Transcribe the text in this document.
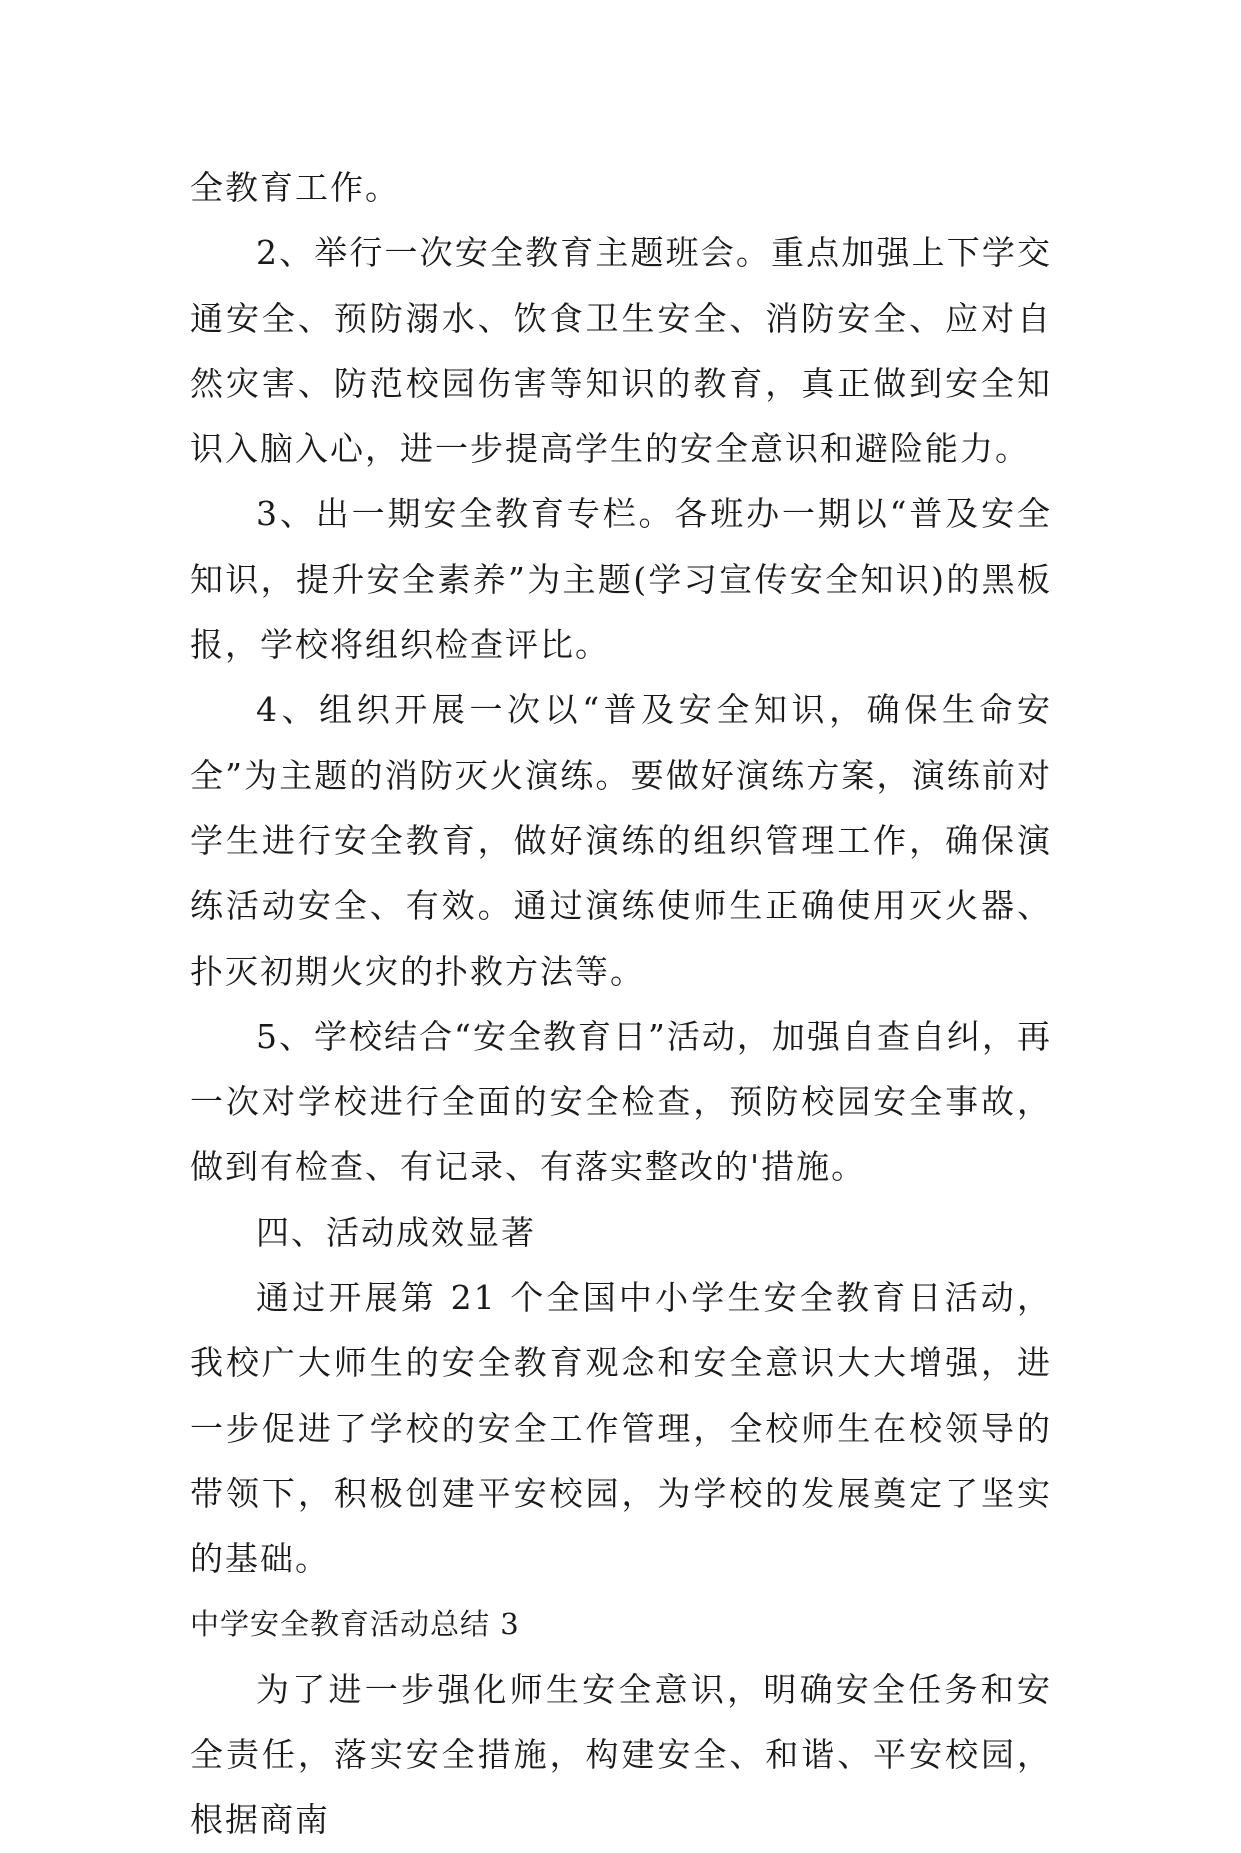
全教育工作。

2、举行一次安全教育主题班会。重点加强上下学交通安全、预防溺水、饮食卫生安全、消防安全、应对自然灾害、防范校园伤害等知识的教育，真正做到安全知识入脑入心，进一步提高学生的安全意识和避险能力。

3、出一期安全教育专栏。各班办一期以“普及安全知识，提升安全素养”为主题(学习宣传安全知识)的黑板报，学校将组织检查评比。

4、组织开展一次以“普及安全知识，确保生命安全”为主题的消防灭火演练。要做好演练方案，演练前对学生进行安全教育，做好演练的组织管理工作，确保演练活动安全、有效。通过演练使师生正确使用灭火器、扑灭初期火灾的扑救方法等。

5、学校结合“安全教育日”活动，加强自查自纠，再一次对学校进行全面的安全检查，预防校园安全事故，做到有检查、有记录、有落实整改的'措施。

四、活动成效显著

通过开展第 21 个全国中小学生安全教育日活动，我校广大师生的安全教育观念和安全意识大大增强，进一步促进了学校的安全工作管理，全校师生在校领导的带领下，积极创建平安校园，为学校的发展奠定了坚实的基础。

中学安全教育活动总结 3

为了进一步强化师生安全意识，明确安全任务和安全责任，落实安全措施，构建安全、和谐、平安校园，根据商南
